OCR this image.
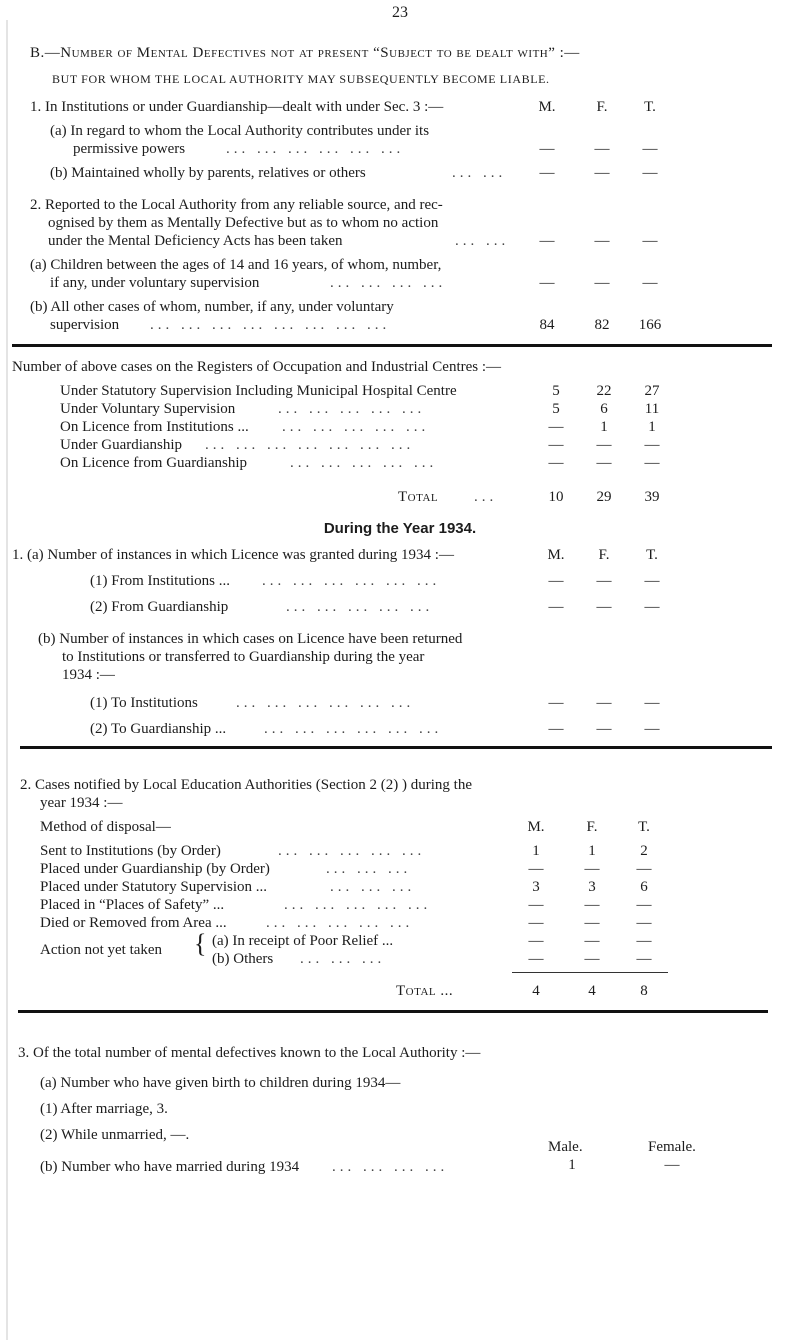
23
B.—Number of Mental Defectives not at present “Subject to be dealt with” :—
BUT FOR WHOM THE LOCAL AUTHORITY MAY SUBSEQUENTLY BECOME LIABLE.
1. In Institutions or under Guardianship—dealt with under Sec. 3 :—	M.	F.	T.
(a) In regard to whom the Local Authority contributes under its
permissive powers	... ... ... ... ... ...	—	—	—
(b) Maintained wholly by parents, relatives or others	... ...	—	—	—
2. Reported to the Local Authority from any reliable source, and rec-
ognised by them as Mentally Defective but as to whom no action
under the Mental Deficiency Acts has been taken	... ...	—	—	—
(a) Children between the ages of 14 and 16 years, of whom, number,
if any, under voluntary supervision	... ... ... ...	—	—	—
(b) All other cases of whom, number, if any, under voluntary
supervision ... ... ... ... ... ... ... ...	84	82	166
Number of above cases on the Registers of Occupation and Industrial Centres :—
Under Statutory Supervision Including Municipal Hospital Centre	5	22	27
Under Voluntary Supervision	... ... ... ... ...	5	6	11
On Licence from Institutions ... ... ... ... ... ...	—	1	1
Under Guardianship ... ... ... ... ... ... ...	—	—	—
On Licence from Guardianship	... ... ... ... ...	—	—	—
Total ...	10	29	39
During the Year 1934.
1. (a) Number of instances in which Licence was granted during 1934 :—	M.	F.	T.
(1) From Institutions ... ... ... ... ... ... ...	—	—	—
(2) From Guardianship	... ... ... ... ...	—	—	—
(b) Number of instances in which cases on Licence have been returned
to Institutions or transferred to Guardianship during the year
1934 :—
(1) To Institutions	... ... ... ... ... ...	—	—	—
(2) To Guardianship ...	... ... ... ... ... ...	—	—	—
2. Cases notified by Local Education Authorities (Section 2 (2) ) during the
year 1934 :—
Method of disposal—	M.	F.	T.
Sent to Institutions (by Order)	... ... ... ... ...	1	1	2
Placed under Guardianship (by Order)	... ... ...	—	—	—
Placed under Statutory Supervision ...	... ... ...	3	3	6
Placed in “Places of Safety” ...	... ... ... ... ...	—	—	—
Died or Removed from Area ...	... ... ... ... ...	—	—	—
Action not yet taken { (a) In receipt of Poor Relief ...	—	—	—
(b) Others ... ... ...	—	—	—
Total ...	4	4	8
3. Of the total number of mental defectives known to the Local Authority :—
(a) Number who have given birth to children during 1934—
(1) After marriage, 3.
(2) While unmarried, —.
Male.	Female.
(b) Number who have married during 1934 ... ... ... ...	1	—
